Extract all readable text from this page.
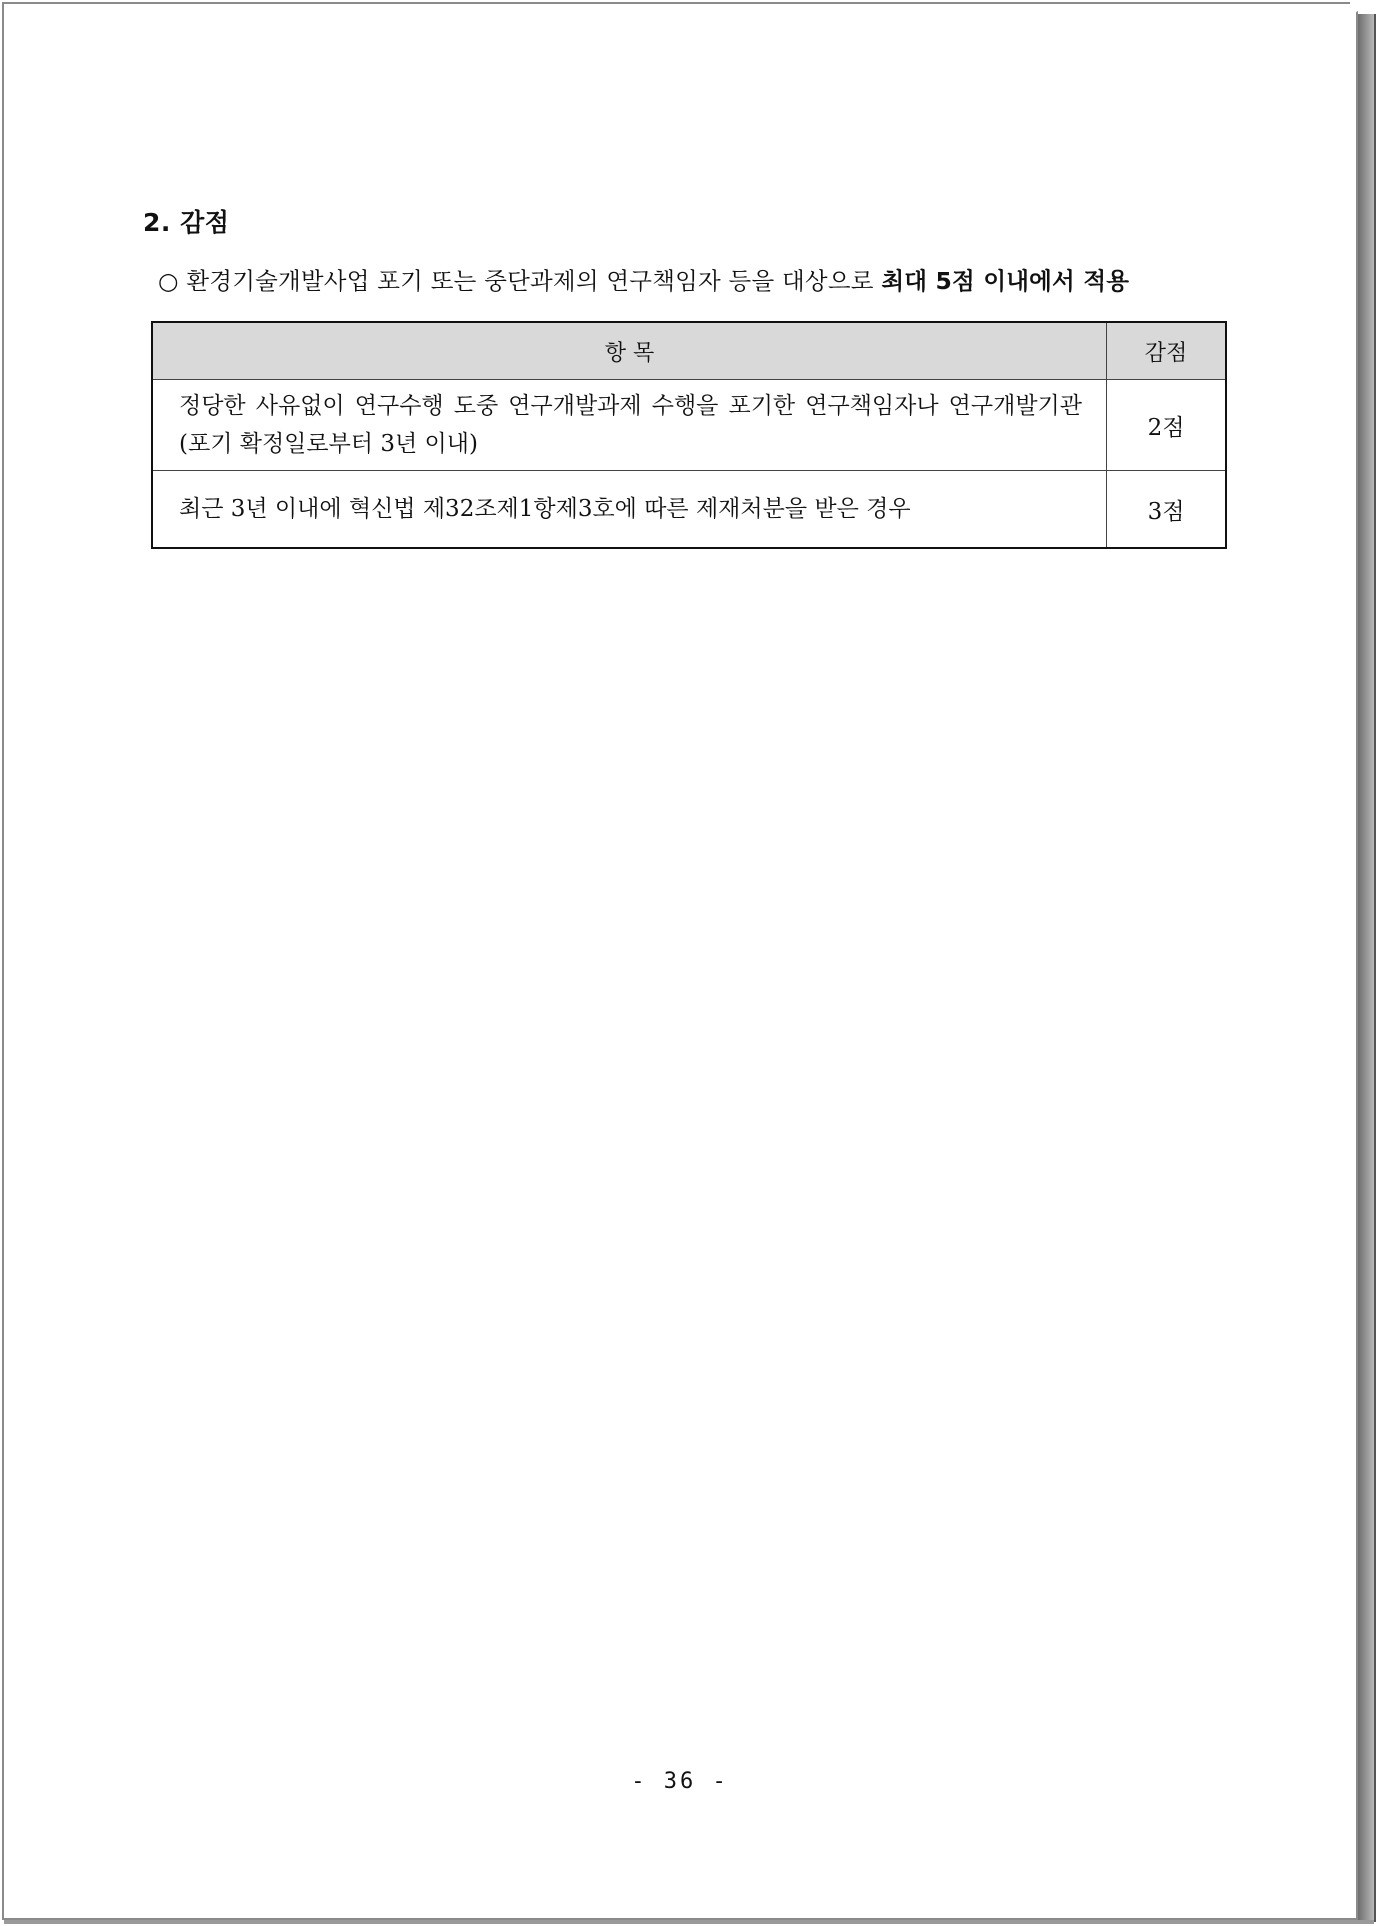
2. 감점
○ 환경기술개발사업 포기 또는 중단과제의 연구책임자 등을 대상으로 최대 5점 이내에서 적용
항 목	감점
정당한 사유없이 연구수행 도중 연구개발과제 수행을 포기한 연구책임자나 연구개발기관(포기 확정일로부터 3년 이내)	2점
최근 3년 이내에 혁신법 제32조제1항제3호에 따른 제재처분을 받은 경우	3점
- 36 -
